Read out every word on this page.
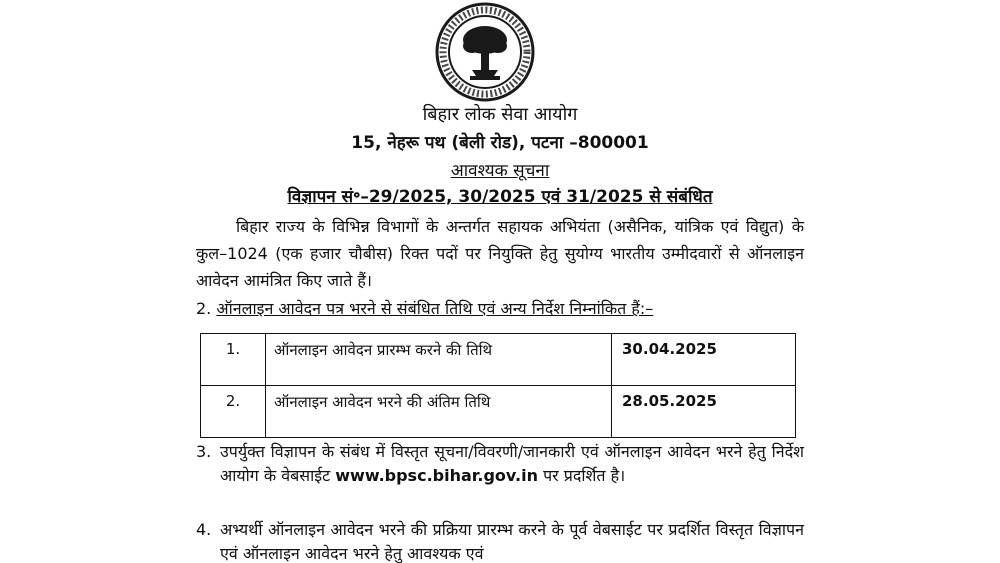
बिहार लोक सेवा आयोग
15, नेहरू पथ (बेली रोड), पटना –800001
आवश्यक सूचना
विज्ञापन सं॰–29/2025, 30/2025 एवं 31/2025 से संबंधित
बिहार राज्य के विभिन्न विभागों के अन्तर्गत सहायक अभियंता (असैनिक, यांत्रिक एवं विद्युत) के कुल–1024 (एक हजार चौबीस) रिक्त पदों पर नियुक्ति हेतु सुयोग्य भारतीय उम्मीदवारों से ऑनलाइन आवेदन आमंत्रित किए जाते हैं।
2. ऑनलाइन आवेदन पत्र भरने से संबंधित तिथि एवं अन्य निर्देश निम्नांकित हैं:–
1.	ऑनलाइन आवेदन प्रारम्भ करने की तिथि	30.04.2025
2.	ऑनलाइन आवेदन भरने की अंतिम तिथि	28.05.2025
3. उपर्युक्त विज्ञापन के संबंध में विस्तृत सूचना/विवरणी/जानकारी एवं ऑनलाइन आवेदन भरने हेतु निर्देश आयोग के वेबसाईट www.bpsc.bihar.gov.in पर प्रदर्शित है।
4. अभ्यर्थी ऑनलाइन आवेदन भरने की प्रक्रिया प्रारम्भ करने के पूर्व वेबसाईट पर प्रदर्शित विस्तृत विज्ञापन एवं ऑनलाइन आवेदन भरने हेतु आवश्यक एवं
